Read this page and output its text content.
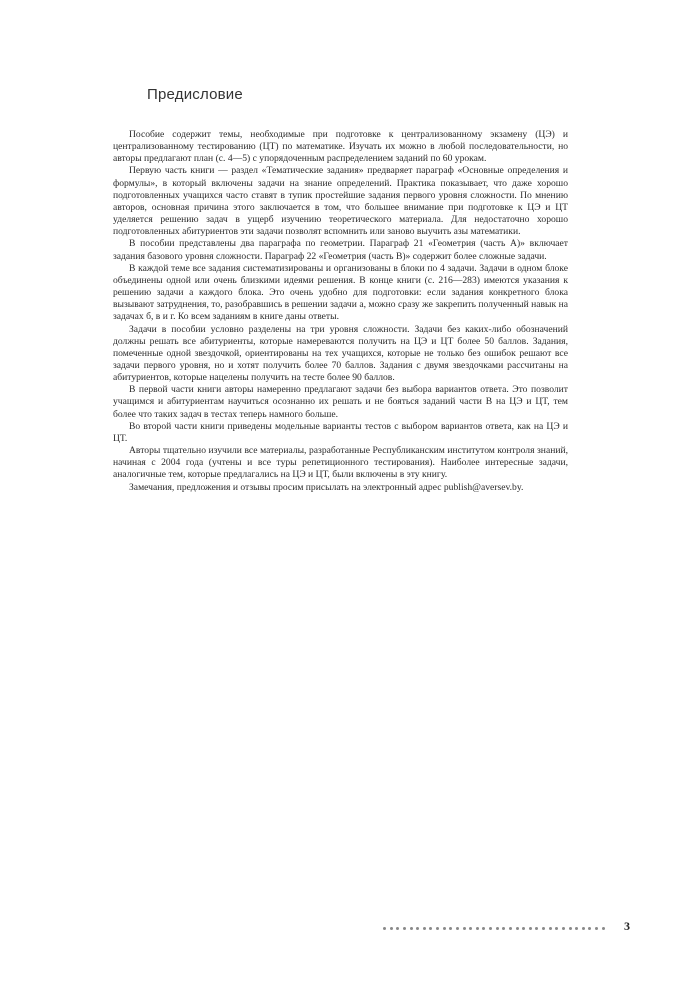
Предисловие

Пособие содержит темы, необходимые при подготовке к централизованному экзамену (ЦЭ) и централизованному тестированию (ЦТ) по математике. Изучать их можно в любой последовательности, но авторы предлагают план (с. 4—5) с упорядоченным распределением заданий по 60 урокам.

Первую часть книги — раздел «Тематические задания» предваряет параграф «Основные определения и формулы», в который включены задачи на знание определений. Практика показывает, что даже хорошо подготовленных учащихся часто ставят в тупик простейшие задания первого уровня сложности. По мнению авторов, основная причина этого заключается в том, что большее внимание при подготовке к ЦЭ и ЦТ уделяется решению задач в ущерб изучению теоретического материала. Для недостаточно хорошо подготовленных абитуриентов эти задачи позволят вспомнить или заново выучить азы математики.

В пособии представлены два параграфа по геометрии. Параграф 21 «Геометрия (часть А)» включает задания базового уровня сложности. Параграф 22 «Геометрия (часть В)» содержит более сложные задачи.

В каждой теме все задания систематизированы и организованы в блоки по 4 задачи. Задачи в одном блоке объединены одной или очень близкими идеями решения. В конце книги (с. 216—283) имеются указания к решению задачи а каждого блока. Это очень удобно для подготовки: если задания конкретного блока вызывают затруднения, то, разобравшись в решении задачи а, можно сразу же закрепить полученный навык на задачах б, в и г. Ко всем заданиям в книге даны ответы.

Задачи в пособии условно разделены на три уровня сложности. Задачи без каких-либо обозначений должны решать все абитуриенты, которые намереваются получить на ЦЭ и ЦТ более 50 баллов. Задания, помеченные одной звездочкой, ориентированы на тех учащихся, которые не только без ошибок решают все задачи первого уровня, но и хотят получить более 70 баллов. Задания с двумя звездочками рассчитаны на абитуриентов, которые нацелены получить на тесте более 90 баллов.

В первой части книги авторы намеренно предлагают задачи без выбора вариантов ответа. Это позволит учащимся и абитуриентам научиться осознанно их решать и не бояться заданий части В на ЦЭ и ЦТ, тем более что таких задач в тестах теперь намного больше.

Во второй части книги приведены модельные варианты тестов с выбором вариантов ответа, как на ЦЭ и ЦТ.

Авторы тщательно изучили все материалы, разработанные Республиканским институтом контроля знаний, начиная с 2004 года (учтены и все туры репетиционного тестирования). Наиболее интересные задачи, аналогичные тем, которые предлагались на ЦЭ и ЦТ, были включены в эту книгу.

Замечания, предложения и отзывы просим присылать на электронный адрес publish@aversev.by.

3
